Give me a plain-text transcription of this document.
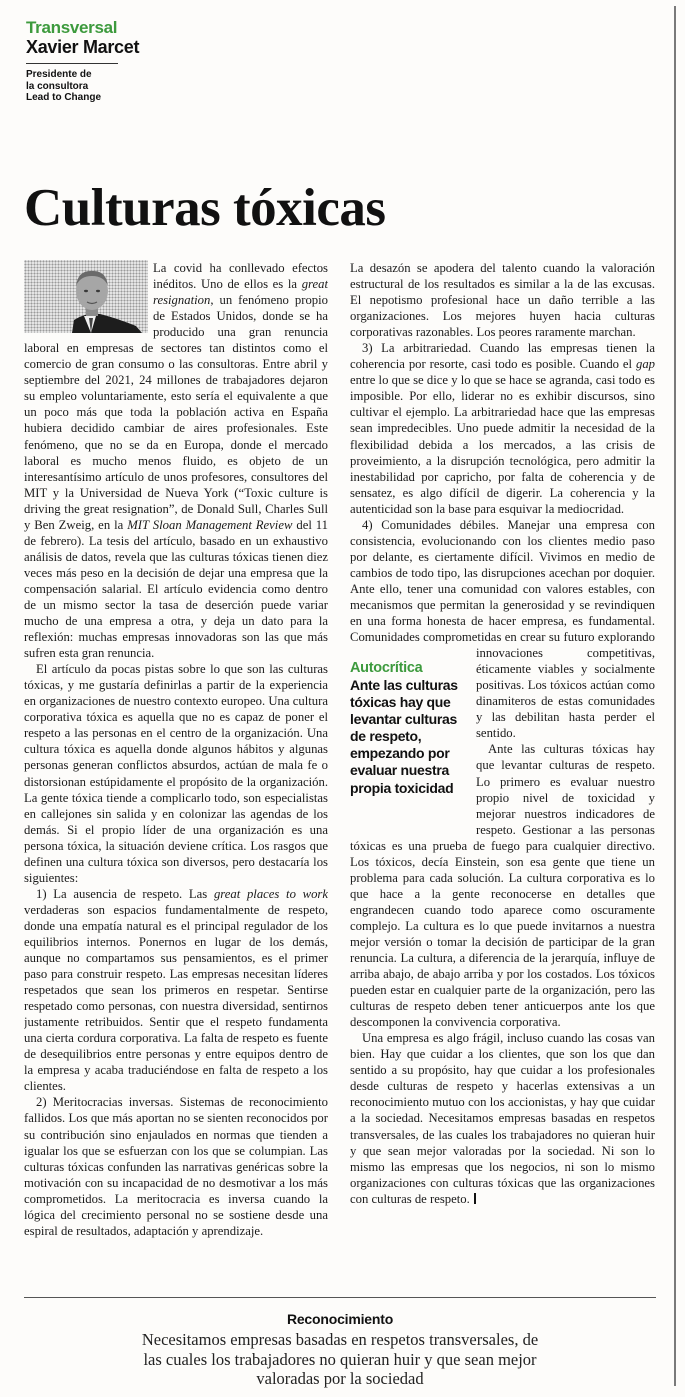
Transversal
Xavier Marcet
Presidente de
la consultora
Lead to Change
Culturas tóxicas

La covid ha conllevado efectos inéditos. Uno de ellos es la great resignation, un fenómeno propio de Estados Unidos, donde se ha producido una gran renuncia laboral en empresas de sectores tan distintos como el comercio de gran consumo o las consultoras. Entre abril y septiembre del 2021, 24 millones de trabajadores dejaron su empleo voluntariamente, esto sería el equivalente a que un poco más que toda la población activa en España hubiera decidido cambiar de aires profesionales. Este fenómeno, que no se da en Europa, donde el mercado laboral es mucho menos fluido, es objeto de un interesantísimo artículo de unos profesores, consultores del MIT y la Universidad de Nueva York (“Toxic culture is driving the great resignation”, de Donald Sull, Charles Sull y Ben Zweig, en la MIT Sloan Management Review del 11 de febrero). La tesis del artículo, basado en un exhaustivo análisis de datos, revela que las culturas tóxicas tienen diez veces más peso en la decisión de dejar una empresa que la compensación salarial. El artículo evidencia como dentro de un mismo sector la tasa de deserción puede variar mucho de una empresa a otra, y deja un dato para la reflexión: muchas empresas innovadoras son las que más sufren esta gran renuncia.

El artículo da pocas pistas sobre lo que son las culturas tóxicas, y me gustaría definirlas a partir de la experiencia en organizaciones de nuestro contexto europeo. Una cultura corporativa tóxica es aquella que no es capaz de poner el respeto a las personas en el centro de la organización. Una cultura tóxica es aquella donde algunos hábitos y algunas personas generan conflictos absurdos, actúan de mala fe o distorsionan estúpidamente el propósito de la organización. La gente tóxica tiende a complicarlo todo, son especialistas en callejones sin salida y en colonizar las agendas de los demás. Si el propio líder de una organización es una persona tóxica, la situación deviene crítica. Los rasgos que definen una cultura tóxica son diversos, pero destacaría los siguientes:

1) La ausencia de respeto. Las great places to work verdaderas son espacios fundamentalmente de respeto, donde una empatía natural es el principal regulador de los equilibrios internos. Ponernos en lugar de los demás, aunque no compartamos sus pensamientos, es el primer paso para construir respeto. Las empresas necesitan líderes respetados que sean los primeros en respetar. Sentirse respetado como personas, con nuestra diversidad, sentirnos justamente retribuidos. Sentir que el respeto fundamenta una cierta cordura corporativa. La falta de respeto es fuente de desequilibrios entre personas y entre equipos dentro de la empresa y acaba traduciéndose en falta de respeto a los clientes.

2) Meritocracias inversas. Sistemas de reconocimiento fallidos. Los que más aportan no se sienten reconocidos por su contribución sino enjaulados en normas que tienden a igualar los que se esfuerzan con los que se columpian. Las culturas tóxicas confunden las narrativas genéricas sobre la motivación con su incapacidad de no desmotivar a los más comprometidos. La meritocracia es inversa cuando la lógica del crecimiento personal no se sostiene desde una espiral de resultados, adaptación y aprendizaje.

La desazón se apodera del talento cuando la valoración estructural de los resultados es similar a la de las excusas. El nepotismo profesional hace un daño terrible a las organizaciones. Los mejores huyen hacia culturas corporativas razonables. Los peores raramente marchan.

3) La arbitrariedad. Cuando las empresas tienen la coherencia por resorte, casi todo es posible. Cuando el gap entre lo que se dice y lo que se hace se agranda, casi todo es imposible. Por ello, liderar no es exhibir discursos, sino cultivar el ejemplo. La arbitrariedad hace que las empresas sean impredecibles. Uno puede admitir la necesidad de la flexibilidad debida a los mercados, a las crisis de proveimiento, a la disrupción tecnológica, pero admitir la inestabilidad por capricho, por falta de coherencia y de sensatez, es algo difícil de digerir. La coherencia y la autenticidad son la base para esquivar la mediocridad.

4) Comunidades débiles. Manejar una empresa con consistencia, evolucionando con los clientes medio paso por delante, es ciertamente difícil. Vivimos en medio de cambios de todo tipo, las disrupciones acechan por doquier. Ante ello, tener una comunidad con valores estables, con mecanismos que permitan la generosidad y se revindiquen en una forma honesta de hacer empresa, es fundamental. Comunidades comprometidas en crear su futuro explorando
innovaciones competitivas, éticamente viables y socialmente positivas. Los tóxicos actúan como dinamiteros de estas comunidades y las debilitan hasta perder el sentido.

Ante las culturas tóxicas hay que levantar culturas de respeto. Lo primero es evaluar nuestro propio nivel de toxicidad y mejorar nuestros indicadores de respeto. Gestionar a las personas tóxicas es una prueba de fuego para cualquier directivo. Los tóxicos, decía Einstein, son esa gente que tiene un problema para cada solución. La cultura corporativa es lo que hace a la gente reconocerse en detalles que engrandecen cuando todo aparece como oscuramente complejo. La cultura es lo que puede invitarnos a nuestra mejor versión o tomar la decisión de participar de la gran renuncia. La cultura, a diferencia de la jerarquía, influye de arriba abajo, de abajo arriba y por los costados. Los tóxicos pueden estar en cualquier parte de la organización, pero las culturas de respeto deben tener anticuerpos ante los que descomponen la convivencia corporativa.

Una empresa es algo frágil, incluso cuando las cosas van bien. Hay que cuidar a los clientes, que son los que dan sentido a su propósito, hay que cuidar a los profesionales desde culturas de respeto y hacerlas extensivas a un reconocimiento mutuo con los accionistas, y hay que cuidar a la sociedad. Necesitamos empresas basadas en respetos transversales, de las cuales los trabajadores no quieran huir y que sean mejor valoradas por la sociedad. Ni son lo mismo las empresas que los negocios, ni son lo mismo organizaciones con culturas tóxicas que las organizaciones con culturas de respeto.

Autocrítica
Ante las culturas tóxicas hay que levantar culturas de respeto, empezando por evaluar nuestra propia toxicidad
Reconocimiento
Necesitamos empresas basadas en respetos transversales, de las cuales los trabajadores no quieran huir y que sean mejor valoradas por la sociedad
